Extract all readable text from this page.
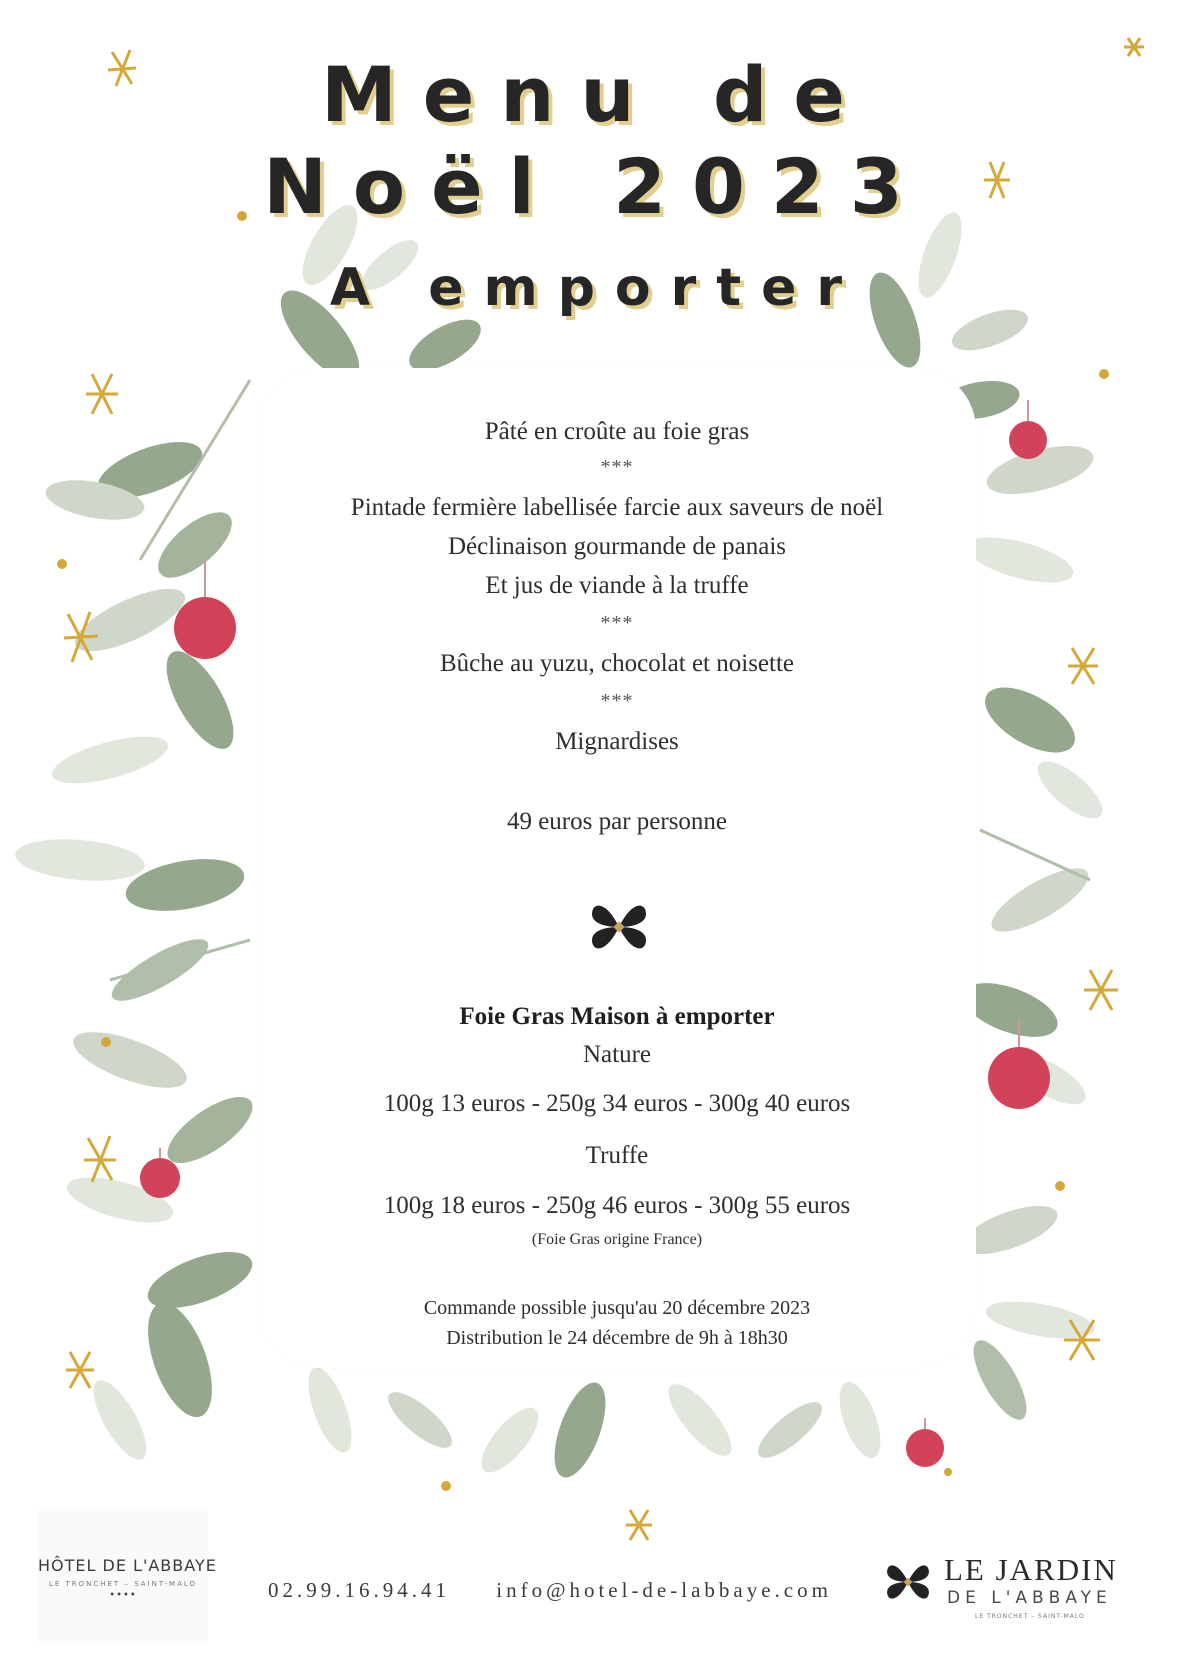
Menu de
Noël 2023
A emporter
Pâté en croûte au foie gras
***
Pintade fermière labellisée farcie aux saveurs de noël
Déclinaison gourmande de panais
Et jus de viande à la truffe
***
Bûche au yuzu, chocolat et noisette
***
Mignardises
49 euros par personne
Foie Gras Maison à emporter
Nature
100g 13 euros - 250g 34 euros - 300g 40 euros
Truffe
100g 18 euros - 250g 46 euros - 300g 55 euros
(Foie Gras origine France)
Commande possible jusqu'au 20 décembre 2023
Distribution le 24 décembre de 9h à 18h30
HÔTEL DE L'ABBAYE
LE TRONCHET – SAINT-MALO
••••	02.99.16.94.41 info@hotel-de-labbaye.com
LE JARDIN
DE L'ABBAYE
LE TRONCHET – SAINT-MALO
